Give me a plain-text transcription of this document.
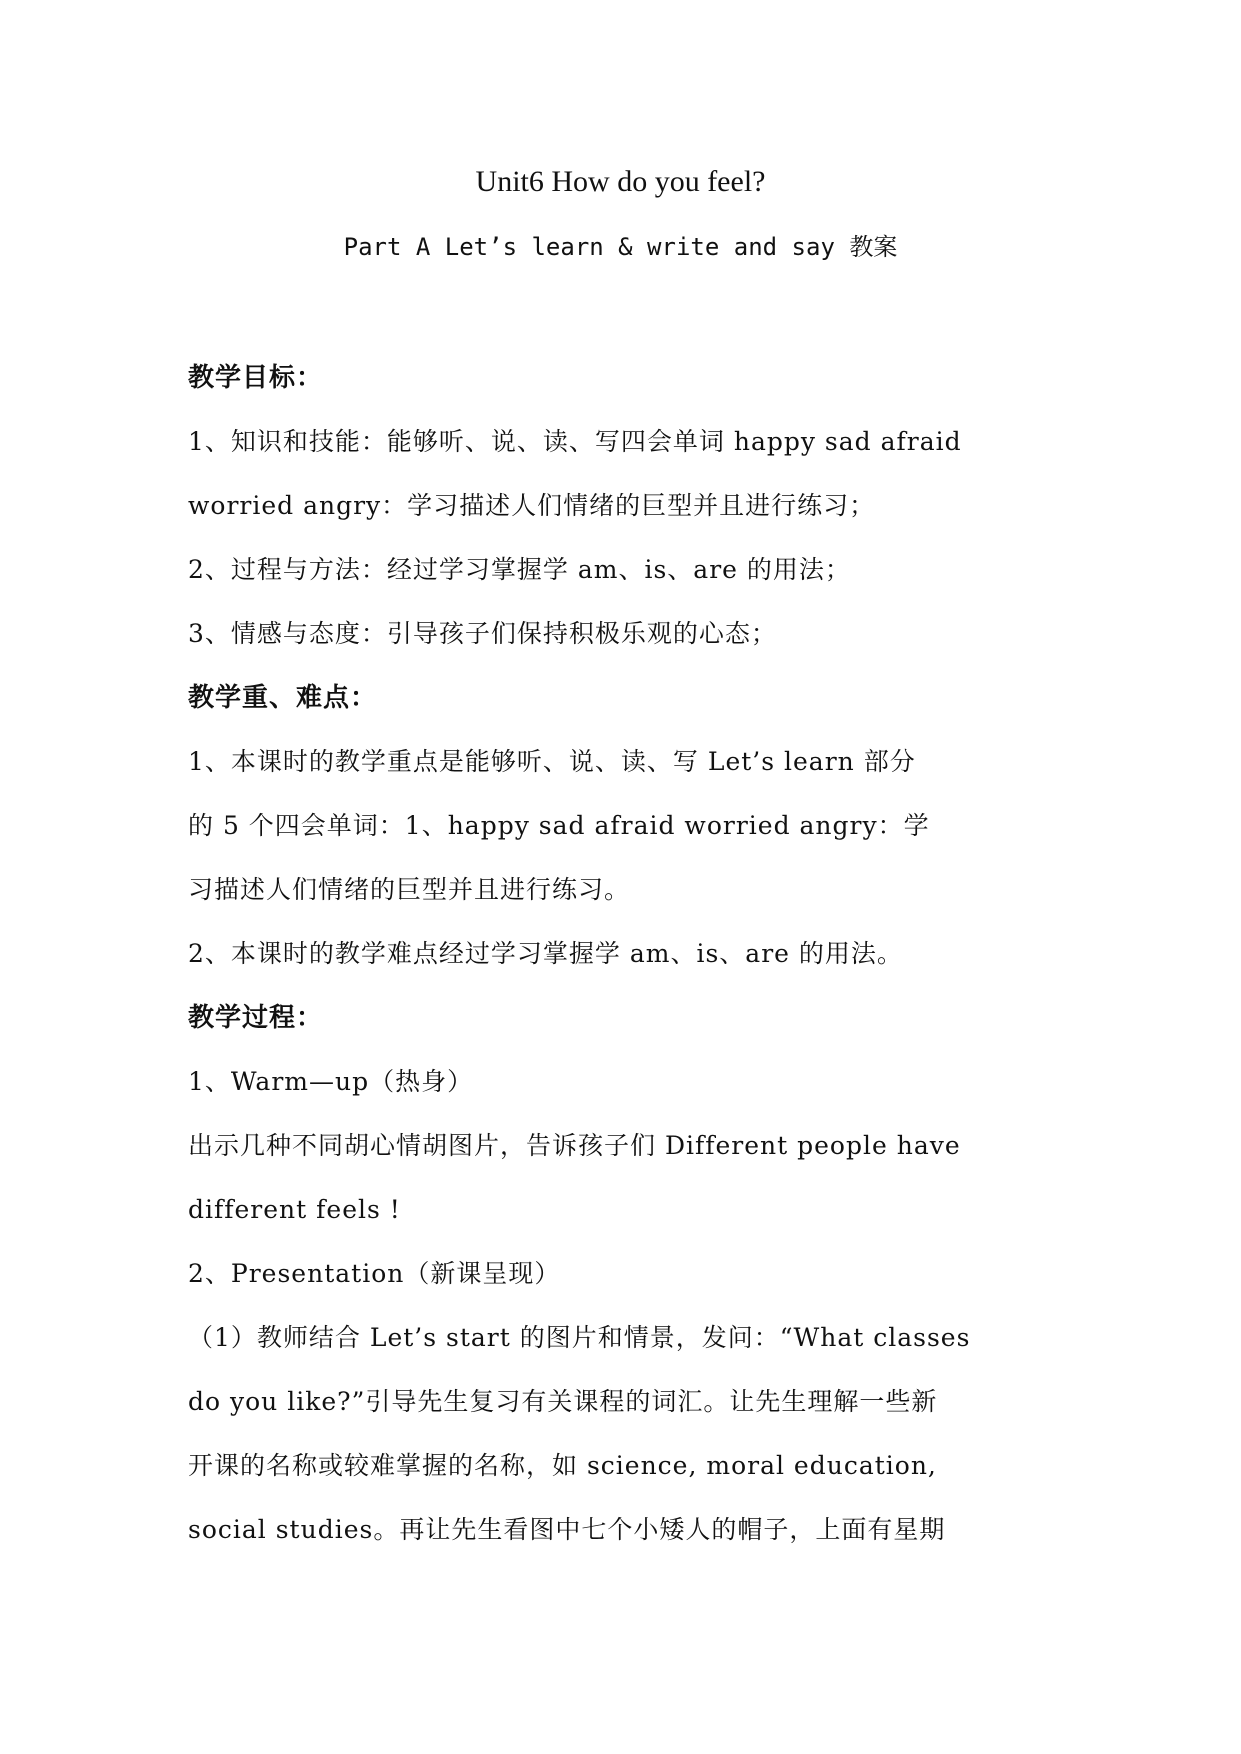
Unit6 How do you feel?
Part A Let’s learn & write and say 教案
教学目标：
1、知识和技能：能够听、说、读、写四会单词 happy sad afraid
worried angry：学习描述人们情绪的巨型并且进行练习；
2、过程与方法：经过学习掌握学 am、is、are 的用法；
3、情感与态度：引导孩子们保持积极乐观的心态；
教学重、难点：
1、本课时的教学重点是能够听、说、读、写 Let’s learn 部分
的 5 个四会单词：1、happy sad afraid worried angry：学
习描述人们情绪的巨型并且进行练习。
2、本课时的教学难点经过学习掌握学 am、is、are 的用法。
教学过程：
1、Warm—up（热身）
出示几种不同胡心情胡图片，告诉孩子们 Different people have
different feels !
2、Presentation（新课呈现）
（1）教师结合 Let’s start 的图片和情景，发问：“What classes
do you like?”引导先生复习有关课程的词汇。让先生理解一些新
开课的名称或较难掌握的名称，如 science, moral education,
social studies。再让先生看图中七个小矮人的帽子，上面有星期
